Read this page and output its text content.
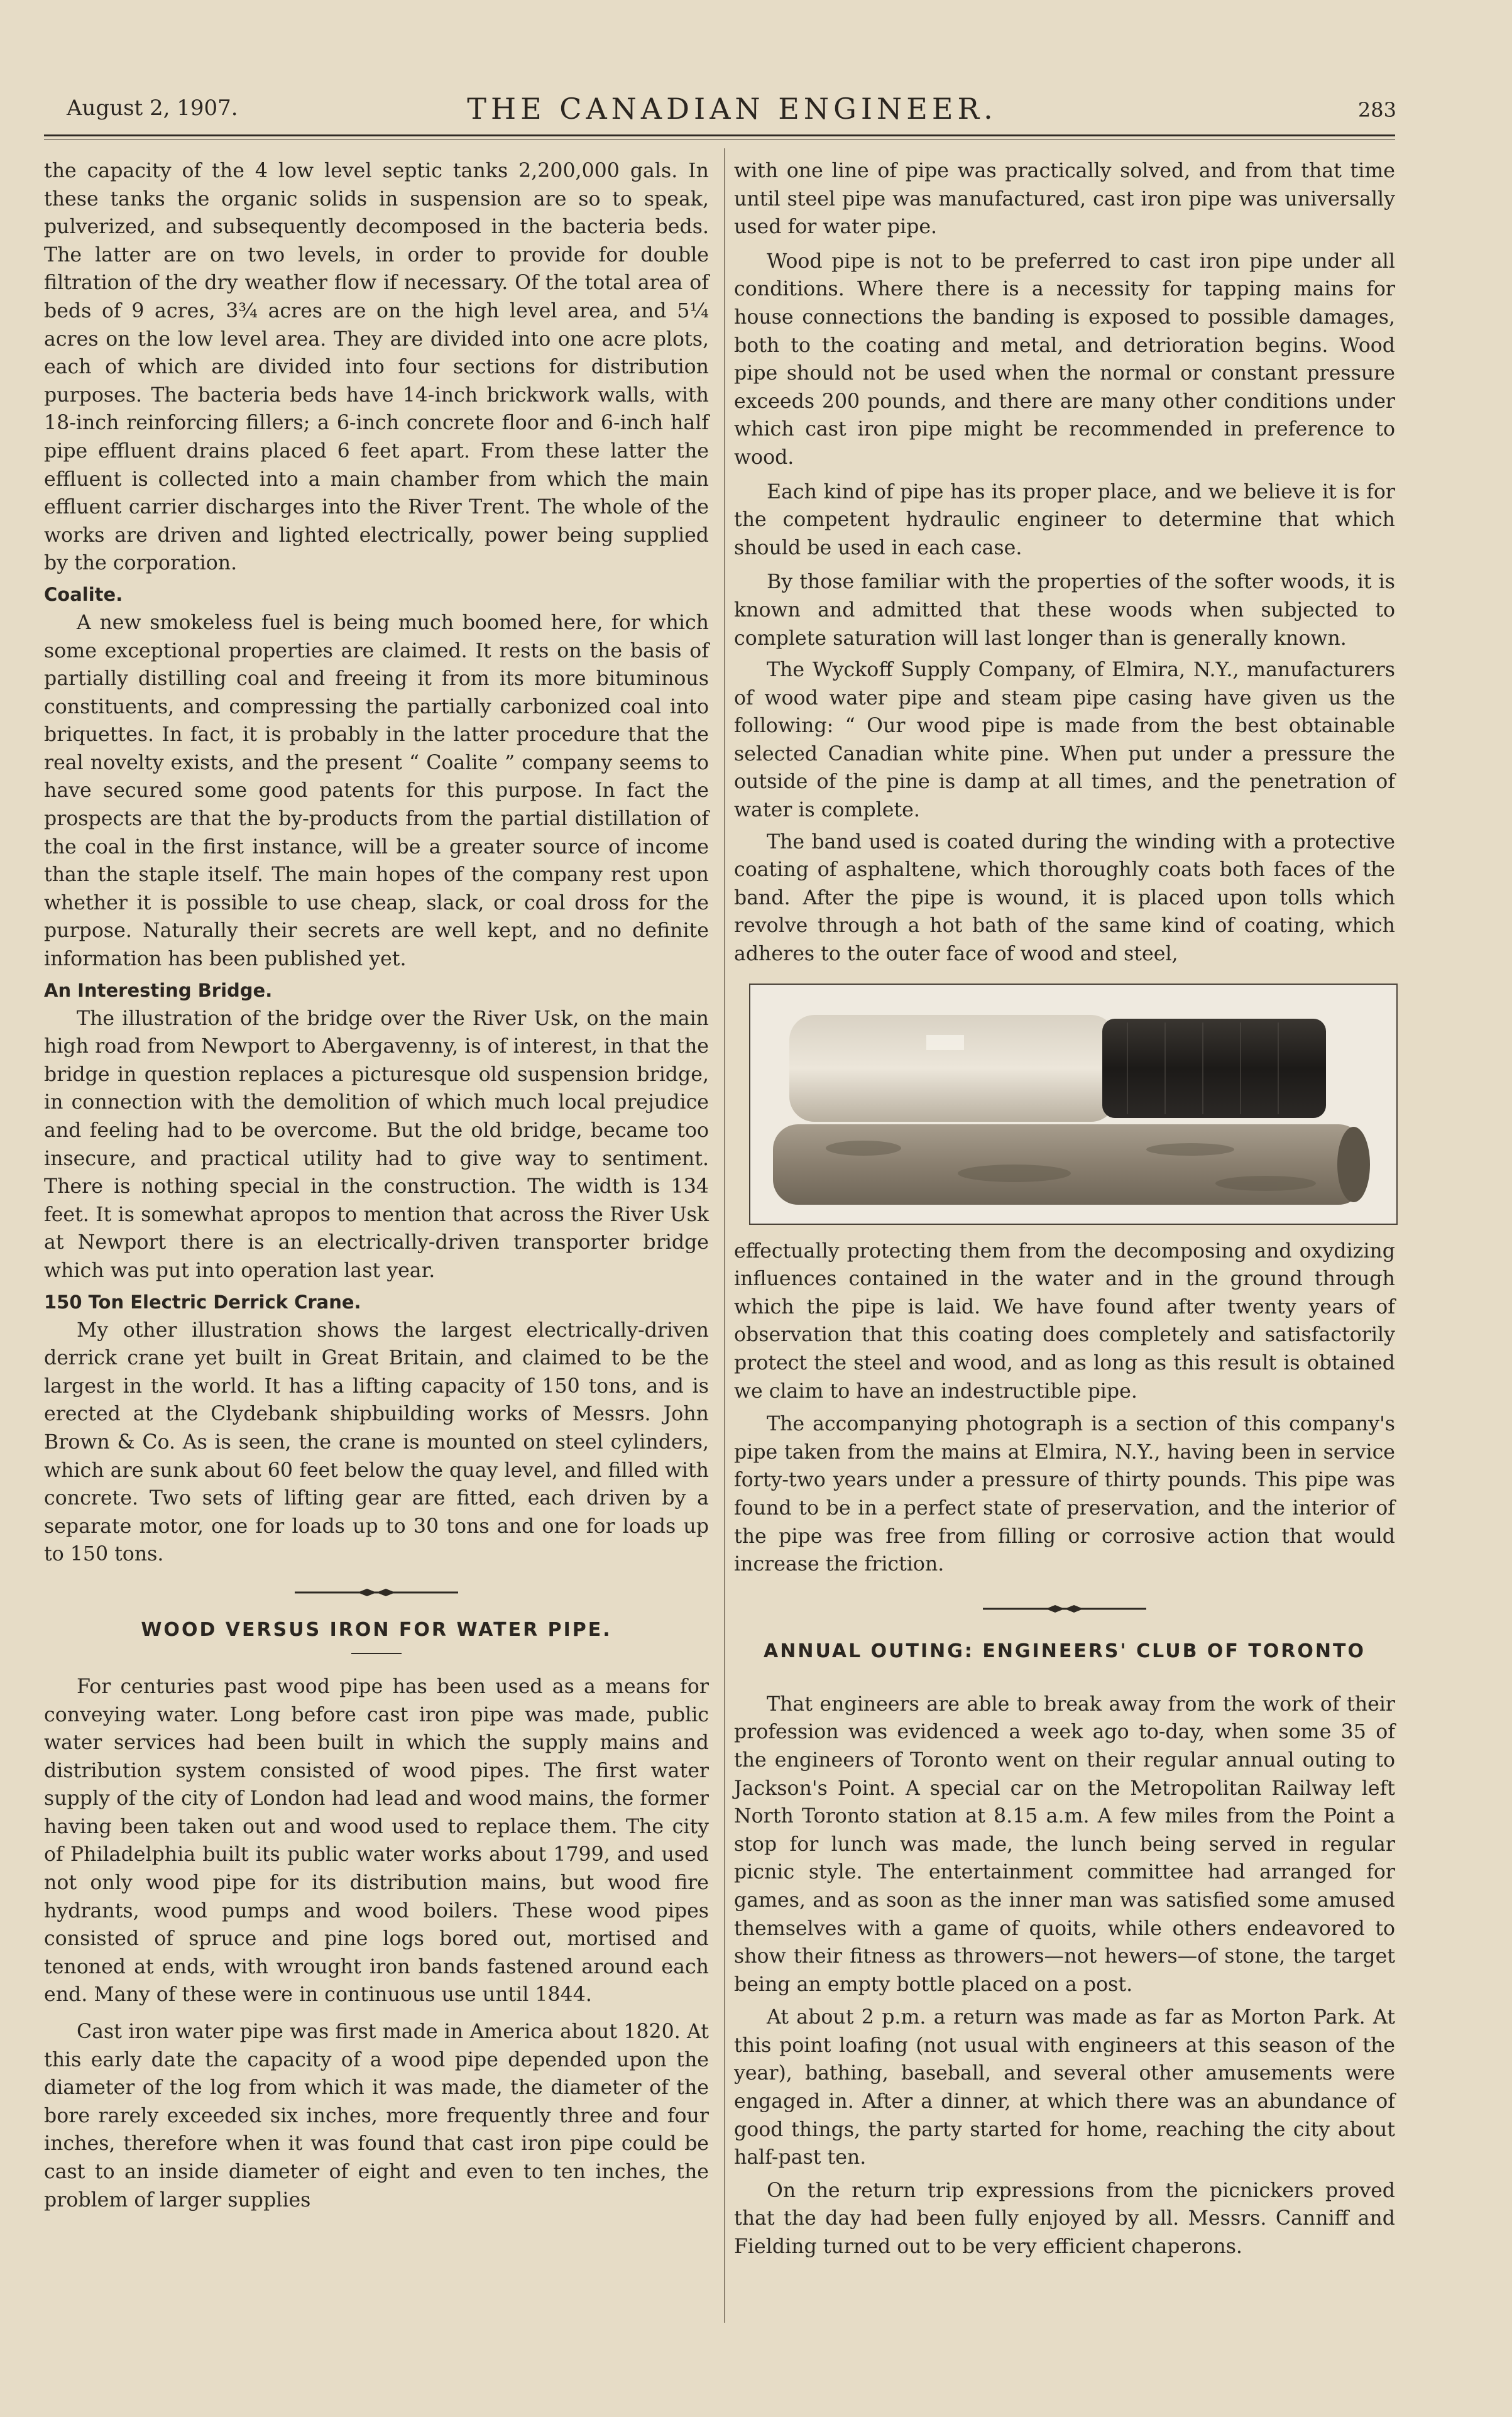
August 2, 1907.	THE CANADIAN ENGINEER.	283

the capacity of the 4 low level septic tanks 2,200,000 gals. In these tanks the organic solids in suspension are so to speak, pulverized, and subsequently decomposed in the bacteria beds. The latter are on two levels, in order to provide for double filtration of the dry weather flow if necessary. Of the total area of beds of 9 acres, 3¾ acres are on the high level area, and 5¼ acres on the low level area. They are divided into one acre plots, each of which are divided into four sections for distribution purposes. The bacteria beds have 14-inch brickwork walls, with 18-inch reinforcing fillers; a 6-inch concrete floor and 6-inch half pipe effluent drains placed 6 feet apart. From these latter the effluent is collected into a main chamber from which the main effluent carrier discharges into the River Trent. The whole of the works are driven and lighted electrically, power being supplied by the corporation.

Coalite.

A new smokeless fuel is being much boomed here, for which some exceptional properties are claimed. It rests on the basis of partially distilling coal and freeing it from its more bituminous constituents, and compressing the partially carbonized coal into briquettes. In fact, it is probably in the latter procedure that the real novelty exists, and the present “ Coalite ” company seems to have secured some good patents for this purpose. In fact the prospects are that the by-products from the partial distillation of the coal in the first instance, will be a greater source of income than the staple itself. The main hopes of the company rest upon whether it is possible to use cheap, slack, or coal dross for the purpose. Naturally their secrets are well kept, and no definite information has been published yet.

An Interesting Bridge.

The illustration of the bridge over the River Usk, on the main high road from Newport to Abergavenny, is of interest, in that the bridge in question replaces a picturesque old suspension bridge, in connection with the demolition of which much local prejudice and feeling had to be overcome. But the old bridge, became too insecure, and practical utility had to give way to sentiment. There is nothing special in the construction. The width is 134 feet. It is somewhat apropos to mention that across the River Usk at Newport there is an electrically-driven transporter bridge which was put into operation last year.

150 Ton Electric Derrick Crane.

My other illustration shows the largest electrically-driven derrick crane yet built in Great Britain, and claimed to be the largest in the world. It has a lifting capacity of 150 tons, and is erected at the Clydebank shipbuilding works of Messrs. John Brown & Co. As is seen, the crane is mounted on steel cylinders, which are sunk about 60 feet below the quay level, and filled with concrete. Two sets of lifting gear are fitted, each driven by a separate motor, one for loads up to 30 tons and one for loads up to 150 tons.

WOOD VERSUS IRON FOR WATER PIPE.

For centuries past wood pipe has been used as a means for conveying water. Long before cast iron pipe was made, public water services had been built in which the supply mains and distribution system consisted of wood pipes. The first water supply of the city of London had lead and wood mains, the former having been taken out and wood used to replace them. The city of Philadelphia built its public water works about 1799, and used not only wood pipe for its distribution mains, but wood fire hydrants, wood pumps and wood boilers. These wood pipes consisted of spruce and pine logs bored out, mortised and tenoned at ends, with wrought iron bands fastened around each end. Many of these were in continuous use until 1844.

Cast iron water pipe was first made in America about 1820. At this early date the capacity of a wood pipe depended upon the diameter of the log from which it was made, the diameter of the bore rarely exceeded six inches, more frequently three and four inches, therefore when it was found that cast iron pipe could be cast to an inside diameter of eight and even to ten inches, the problem of larger supplies

with one line of pipe was practically solved, and from that time until steel pipe was manufactured, cast iron pipe was universally used for water pipe.

Wood pipe is not to be preferred to cast iron pipe under all conditions. Where there is a necessity for tapping mains for house connections the banding is exposed to possible damages, both to the coating and metal, and detrioration begins. Wood pipe should not be used when the normal or constant pressure exceeds 200 pounds, and there are many other conditions under which cast iron pipe might be recommended in preference to wood.

Each kind of pipe has its proper place, and we believe it is for the competent hydraulic engineer to determine that which should be used in each case.

By those familiar with the properties of the softer woods, it is known and admitted that these woods when subjected to complete saturation will last longer than is generally known.

The Wyckoff Supply Company, of Elmira, N.Y., manufacturers of wood water pipe and steam pipe casing have given us the following: “ Our wood pipe is made from the best obtainable selected Canadian white pine. When put under a pressure the outside of the pine is damp at all times, and the penetration of water is complete.

The band used is coated during the winding with a protective coating of asphaltene, which thoroughly coats both faces of the band. After the pipe is wound, it is placed upon tolls which revolve through a hot bath of the same kind of coating, which adheres to the outer face of wood and steel,

effectually protecting them from the decomposing and oxydizing influences contained in the water and in the ground through which the pipe is laid. We have found after twenty years of observation that this coating does completely and satisfactorily protect the steel and wood, and as long as this result is obtained we claim to have an indestructible pipe.

The accompanying photograph is a section of this company's pipe taken from the mains at Elmira, N.Y., having been in service forty-two years under a pressure of thirty pounds. This pipe was found to be in a perfect state of preservation, and the interior of the pipe was free from filling or corrosive action that would increase the friction.

ANNUAL OUTING: ENGINEERS' CLUB OF TORONTO

That engineers are able to break away from the work of their profession was evidenced a week ago to-day, when some 35 of the engineers of Toronto went on their regular annual outing to Jackson's Point. A special car on the Metropolitan Railway left North Toronto station at 8.15 a.m. A few miles from the Point a stop for lunch was made, the lunch being served in regular picnic style. The entertainment committee had arranged for games, and as soon as the inner man was satisfied some amused themselves with a game of quoits, while others endeavored to show their fitness as throwers—not hewers—of stone, the target being an empty bottle placed on a post.

At about 2 p.m. a return was made as far as Morton Park. At this point loafing (not usual with engineers at this season of the year), bathing, baseball, and several other amusements were engaged in. After a dinner, at which there was an abundance of good things, the party started for home, reaching the city about half-past ten.

On the return trip expressions from the picnickers proved that the day had been fully enjoyed by all. Messrs. Canniff and Fielding turned out to be very efficient chaperons.
